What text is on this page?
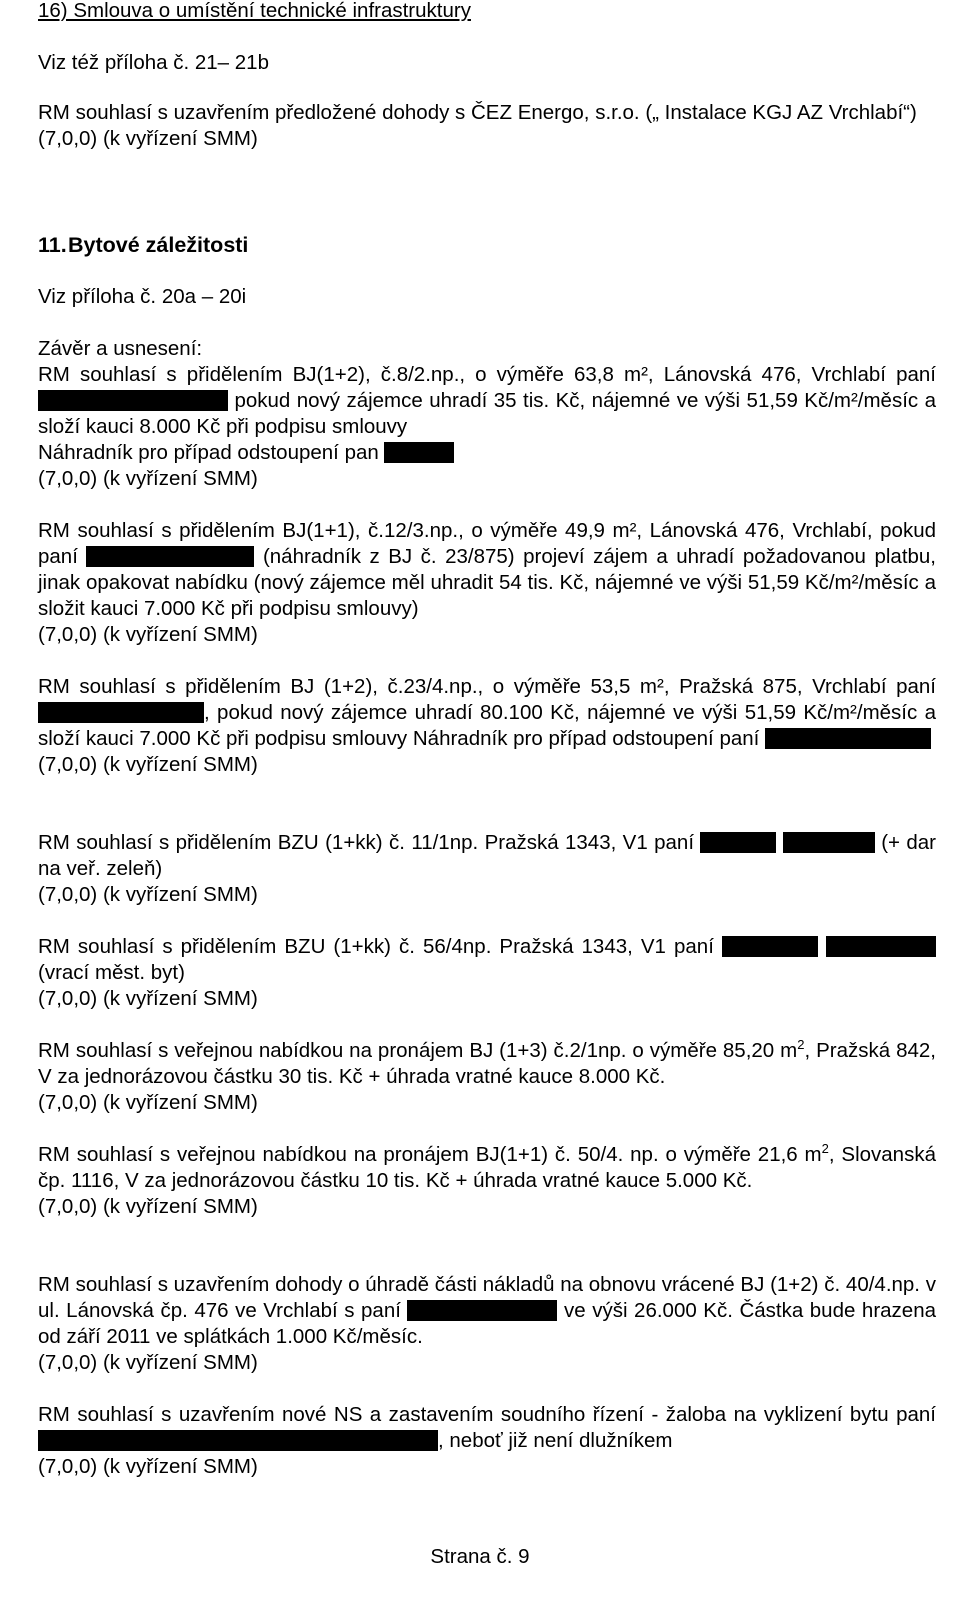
16) Smlouva o umístění technické infrastruktury

Viz též příloha č. 21– 21b

RM souhlasí s uzavřením předložené dohody s ČEZ Energo, s.r.o. („ Instalace KGJ AZ Vrchlabí“)

(7,0,0) (k vyřízení SMM)

11.Bytové záležitosti

Viz příloha č. 20a – 20i

Závěr a usnesení:

RM souhlasí s přidělením BJ(1+2), č.8/2.np., o výměře 63,8 m², Lánovská 476, Vrchlabí paní  pokud nový zájemce uhradí 35 tis. Kč, nájemné ve výši 51,59 Kč/m²/měsíc a složí kauci 8.000 Kč při podpisu smlouvy

Náhradník pro případ odstoupení pan

(7,0,0) (k vyřízení SMM)

RM souhlasí s přidělením BJ(1+1), č.12/3.np., o výměře 49,9 m², Lánovská 476, Vrchlabí, pokud paní	(náhradník z BJ č. 23/875) projeví zájem a uhradí požadovanou platbu, jinak opakovat nabídku (nový zájemce měl uhradit 54 tis. Kč, nájemné ve výši 51,59 Kč/m²/měsíc a složit kauci 7.000 Kč při podpisu smlouvy)

(7,0,0) (k vyřízení SMM)

RM souhlasí s přidělením BJ (1+2), č.23/4.np., o výměře 53,5 m², Pražská 875, Vrchlabí paní , pokud nový zájemce uhradí 80.100 Kč, nájemné ve výši 51,59 Kč/m²/měsíc a složí kauci 7.000 Kč při podpisu smlouvy Náhradník pro případ odstoupení paní

(7,0,0) (k vyřízení SMM)

RM souhlasí s přidělením BZU (1+kk) č. 11/1np. Pražská 1343, V1 paní	(+ dar na veř. zeleň)

(7,0,0) (k vyřízení SMM)

RM souhlasí s přidělením BZU (1+kk) č. 56/4np. Pražská 1343, V1 paní   (vrací měst. byt)

(7,0,0) (k vyřízení SMM)

RM souhlasí s veřejnou nabídkou na pronájem BJ (1+3) č.2/1np. o výměře 85,20 $m^2$, Pražská 842, V za jednorázovou částku 30 tis. Kč + úhrada vratné kauce 8.000 Kč.

(7,0,0) (k vyřízení SMM)

RM souhlasí s veřejnou nabídkou na pronájem BJ(1+1) č. 50/4. np. o výměře 21,6 $m^2$, Slovanská čp. 1116, V za jednorázovou částku 10 tis. Kč + úhrada vratné kauce 5.000 Kč.

(7,0,0) (k vyřízení SMM)

RM souhlasí s uzavřením dohody o úhradě části nákladů na obnovu vrácené BJ (1+2) č. 40/4.np. v ul. Lánovská čp. 476 ve Vrchlabí s paní	ve výši 26.000 Kč. Částka bude hrazena od září 2011 ve splátkách 1.000 Kč/měsíc.

(7,0,0) (k vyřízení SMM)

RM souhlasí s uzavřením nové NS a zastavením soudního řízení - žaloba na vyklizení bytu paní , neboť již není dlužníkem

(7,0,0) (k vyřízení SMM)

Strana č. 9
